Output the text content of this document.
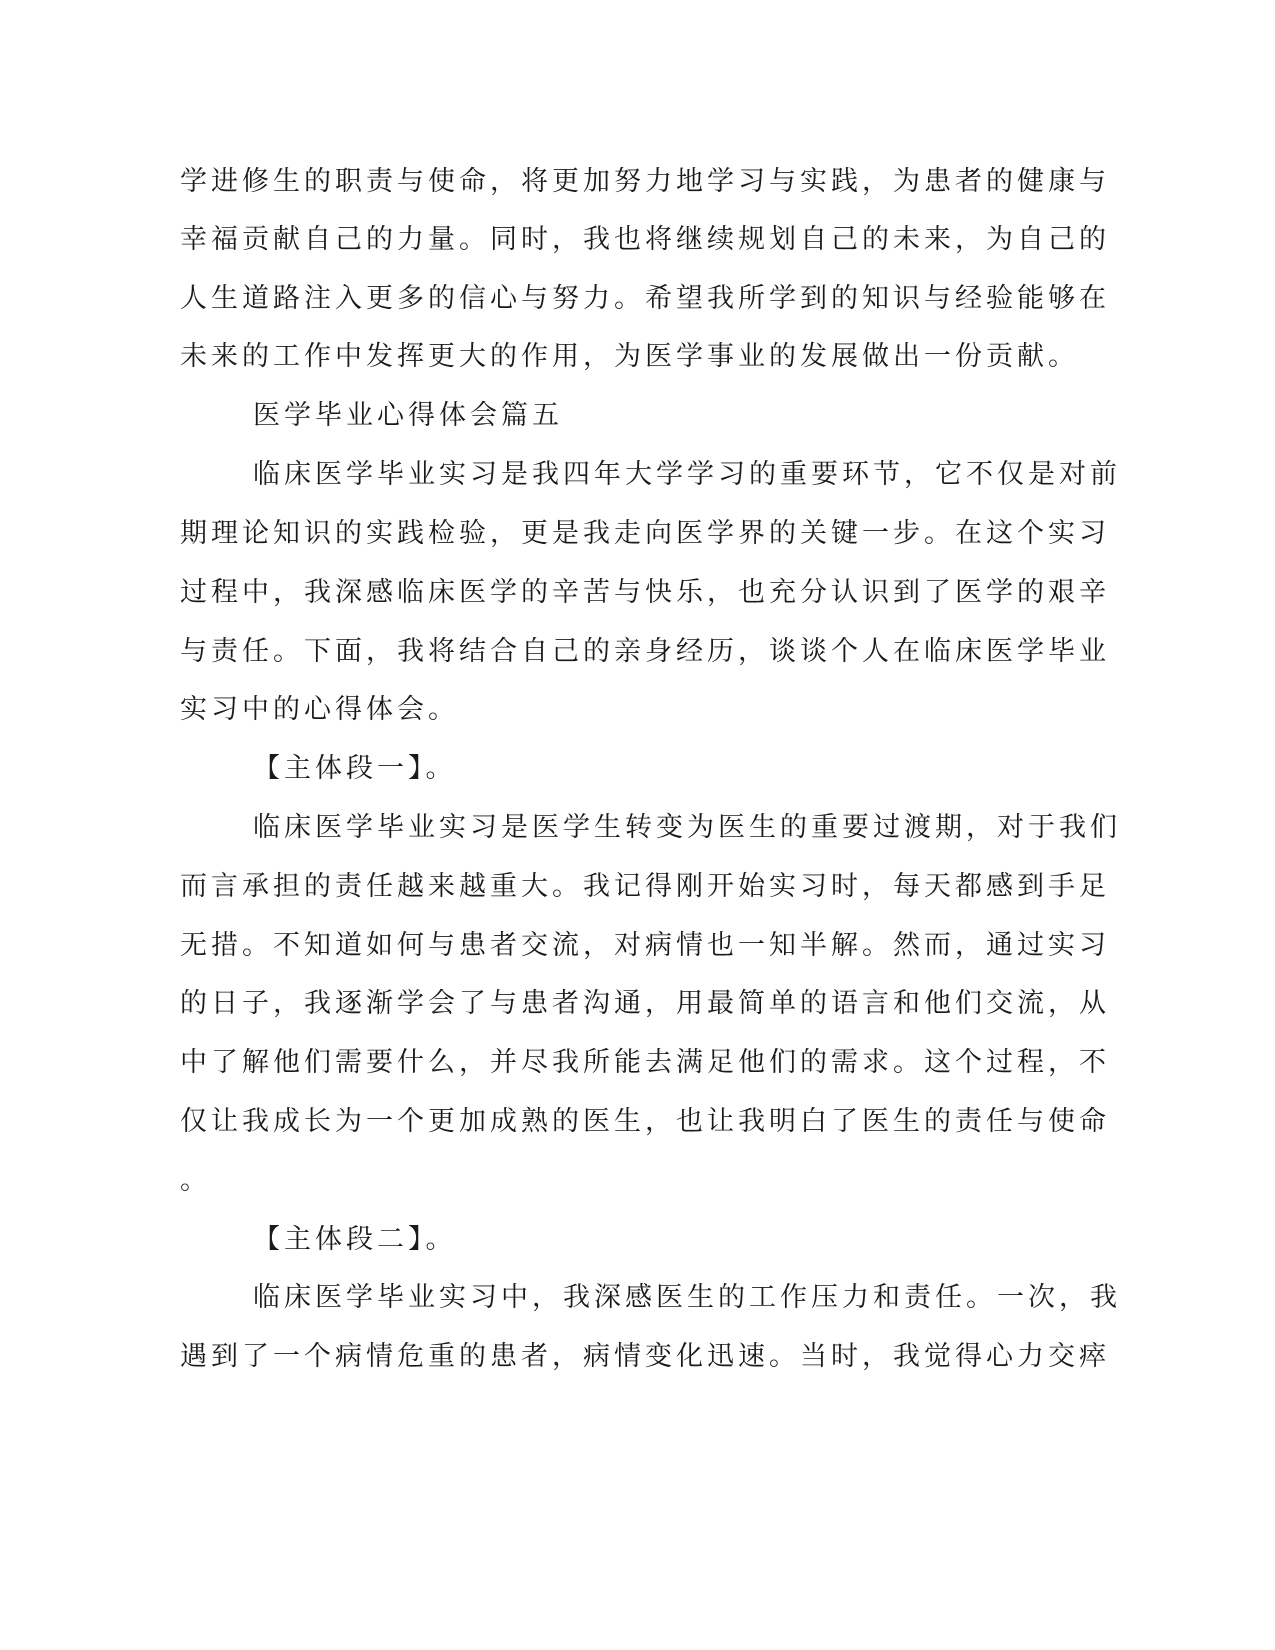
学进修生的职责与使命，将更加努力地学习与实践，为患者的健康与
幸福贡献自己的力量。同时，我也将继续规划自己的未来，为自己的
人生道路注入更多的信心与努力。希望我所学到的知识与经验能够在
未来的工作中发挥更大的作用，为医学事业的发展做出一份贡献。
医学毕业心得体会篇五
临床医学毕业实习是我四年大学学习的重要环节，它不仅是对前
期理论知识的实践检验，更是我走向医学界的关键一步。在这个实习
过程中，我深感临床医学的辛苦与快乐，也充分认识到了医学的艰辛
与责任。下面，我将结合自己的亲身经历，谈谈个人在临床医学毕业
实习中的心得体会。
【主体段一】。
临床医学毕业实习是医学生转变为医生的重要过渡期，对于我们
而言承担的责任越来越重大。我记得刚开始实习时，每天都感到手足
无措。不知道如何与患者交流，对病情也一知半解。然而，通过实习
的日子，我逐渐学会了与患者沟通，用最简单的语言和他们交流，从
中了解他们需要什么，并尽我所能去满足他们的需求。这个过程，不
仅让我成长为一个更加成熟的医生，也让我明白了医生的责任与使命
。
【主体段二】。
临床医学毕业实习中，我深感医生的工作压力和责任。一次，我
遇到了一个病情危重的患者，病情变化迅速。当时，我觉得心力交瘁
